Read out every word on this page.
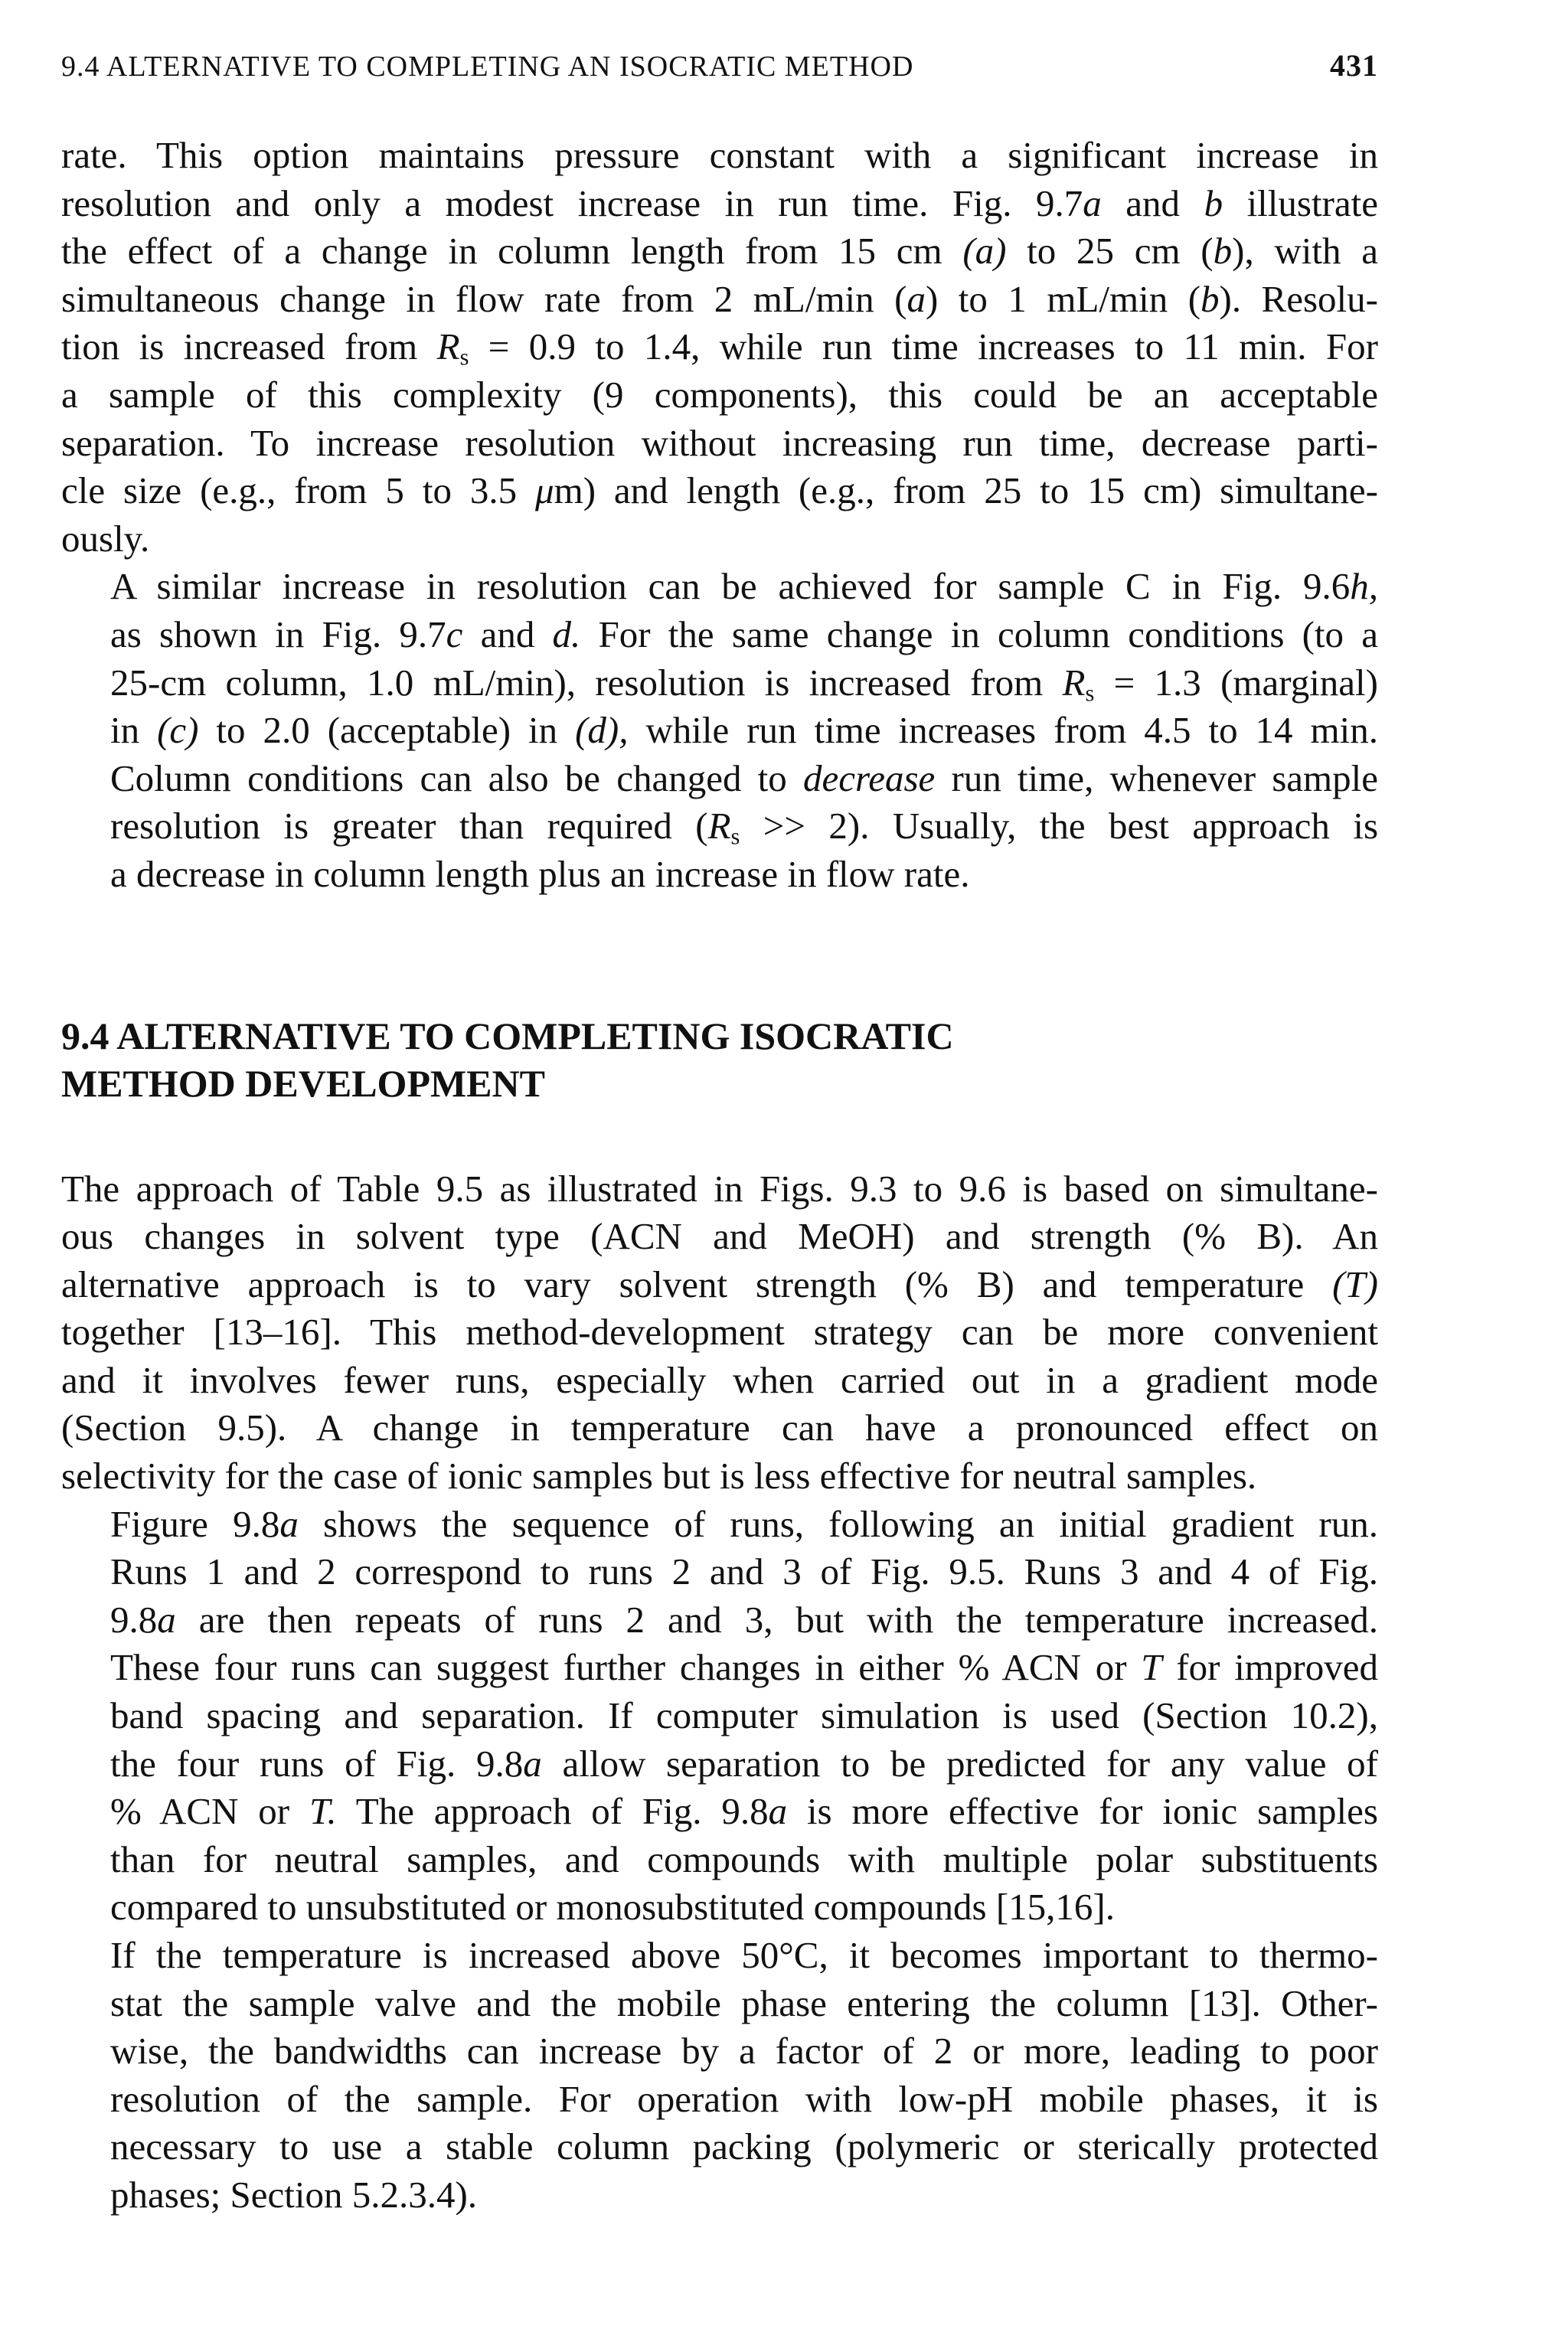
9.4 ALTERNATIVE TO COMPLETING AN ISOCRATIC METHOD	431

rate. This option maintains pressure constant with a significant increase in
resolution and only a modest increase in run time. Fig. 9.7a and b illustrate
the effect of a change in column length from 15 cm (a) to 25 cm (b), with a
simultaneous change in flow rate from 2 mL/min (a) to 1 mL/min (b). Resolu-
tion is increased from $R_s = 0.9$ to 1.4, while run time increases to 11 min. For
a sample of this complexity (9 components), this could be an acceptable
separation. To increase resolution without increasing run time, decrease parti-
cle size (e.g., from 5 to 3.5 μm) and length (e.g., from 25 to 15 cm) simultane-
ously.

A similar increase in resolution can be achieved for sample C in Fig. 9.6h,
as shown in Fig. 9.7c and d. For the same change in column conditions (to a
25-cm column, 1.0 mL/min), resolution is increased from $R_s = 1.3$ (marginal)
in (c) to 2.0 (acceptable) in (d), while run time increases from 4.5 to 14 min.
Column conditions can also be changed to decrease run time, whenever sample
resolution is greater than required $(R_s >> 2)$. Usually, the best approach is
a decrease in column length plus an increase in flow rate.

9.4 ALTERNATIVE TO COMPLETING ISOCRATIC
METHOD DEVELOPMENT

The approach of Table 9.5 as illustrated in Figs. 9.3 to 9.6 is based on simultane-
ous changes in solvent type (ACN and MeOH) and strength (% B). An
alternative approach is to vary solvent strength (% B) and temperature (T)
together [13–16]. This method-development strategy can be more convenient
and it involves fewer runs, especially when carried out in a gradient mode
(Section 9.5). A change in temperature can have a pronounced effect on
selectivity for the case of ionic samples but is less effective for neutral samples.

Figure 9.8a shows the sequence of runs, following an initial gradient run.
Runs 1 and 2 correspond to runs 2 and 3 of Fig. 9.5. Runs 3 and 4 of Fig.
9.8a are then repeats of runs 2 and 3, but with the temperature increased.
These four runs can suggest further changes in either % ACN or T for improved
band spacing and separation. If computer simulation is used (Section 10.2),
the four runs of Fig. 9.8a allow separation to be predicted for any value of
% ACN or T. The approach of Fig. 9.8a is more effective for ionic samples
than for neutral samples, and compounds with multiple polar substituents
compared to unsubstituted or monosubstituted compounds [15,16].

If the temperature is increased above 50°C, it becomes important to thermo-
stat the sample valve and the mobile phase entering the column [13]. Other-
wise, the bandwidths can increase by a factor of 2 or more, leading to poor
resolution of the sample. For operation with low-pH mobile phases, it is
necessary to use a stable column packing (polymeric or sterically protected
phases; Section 5.2.3.4).
